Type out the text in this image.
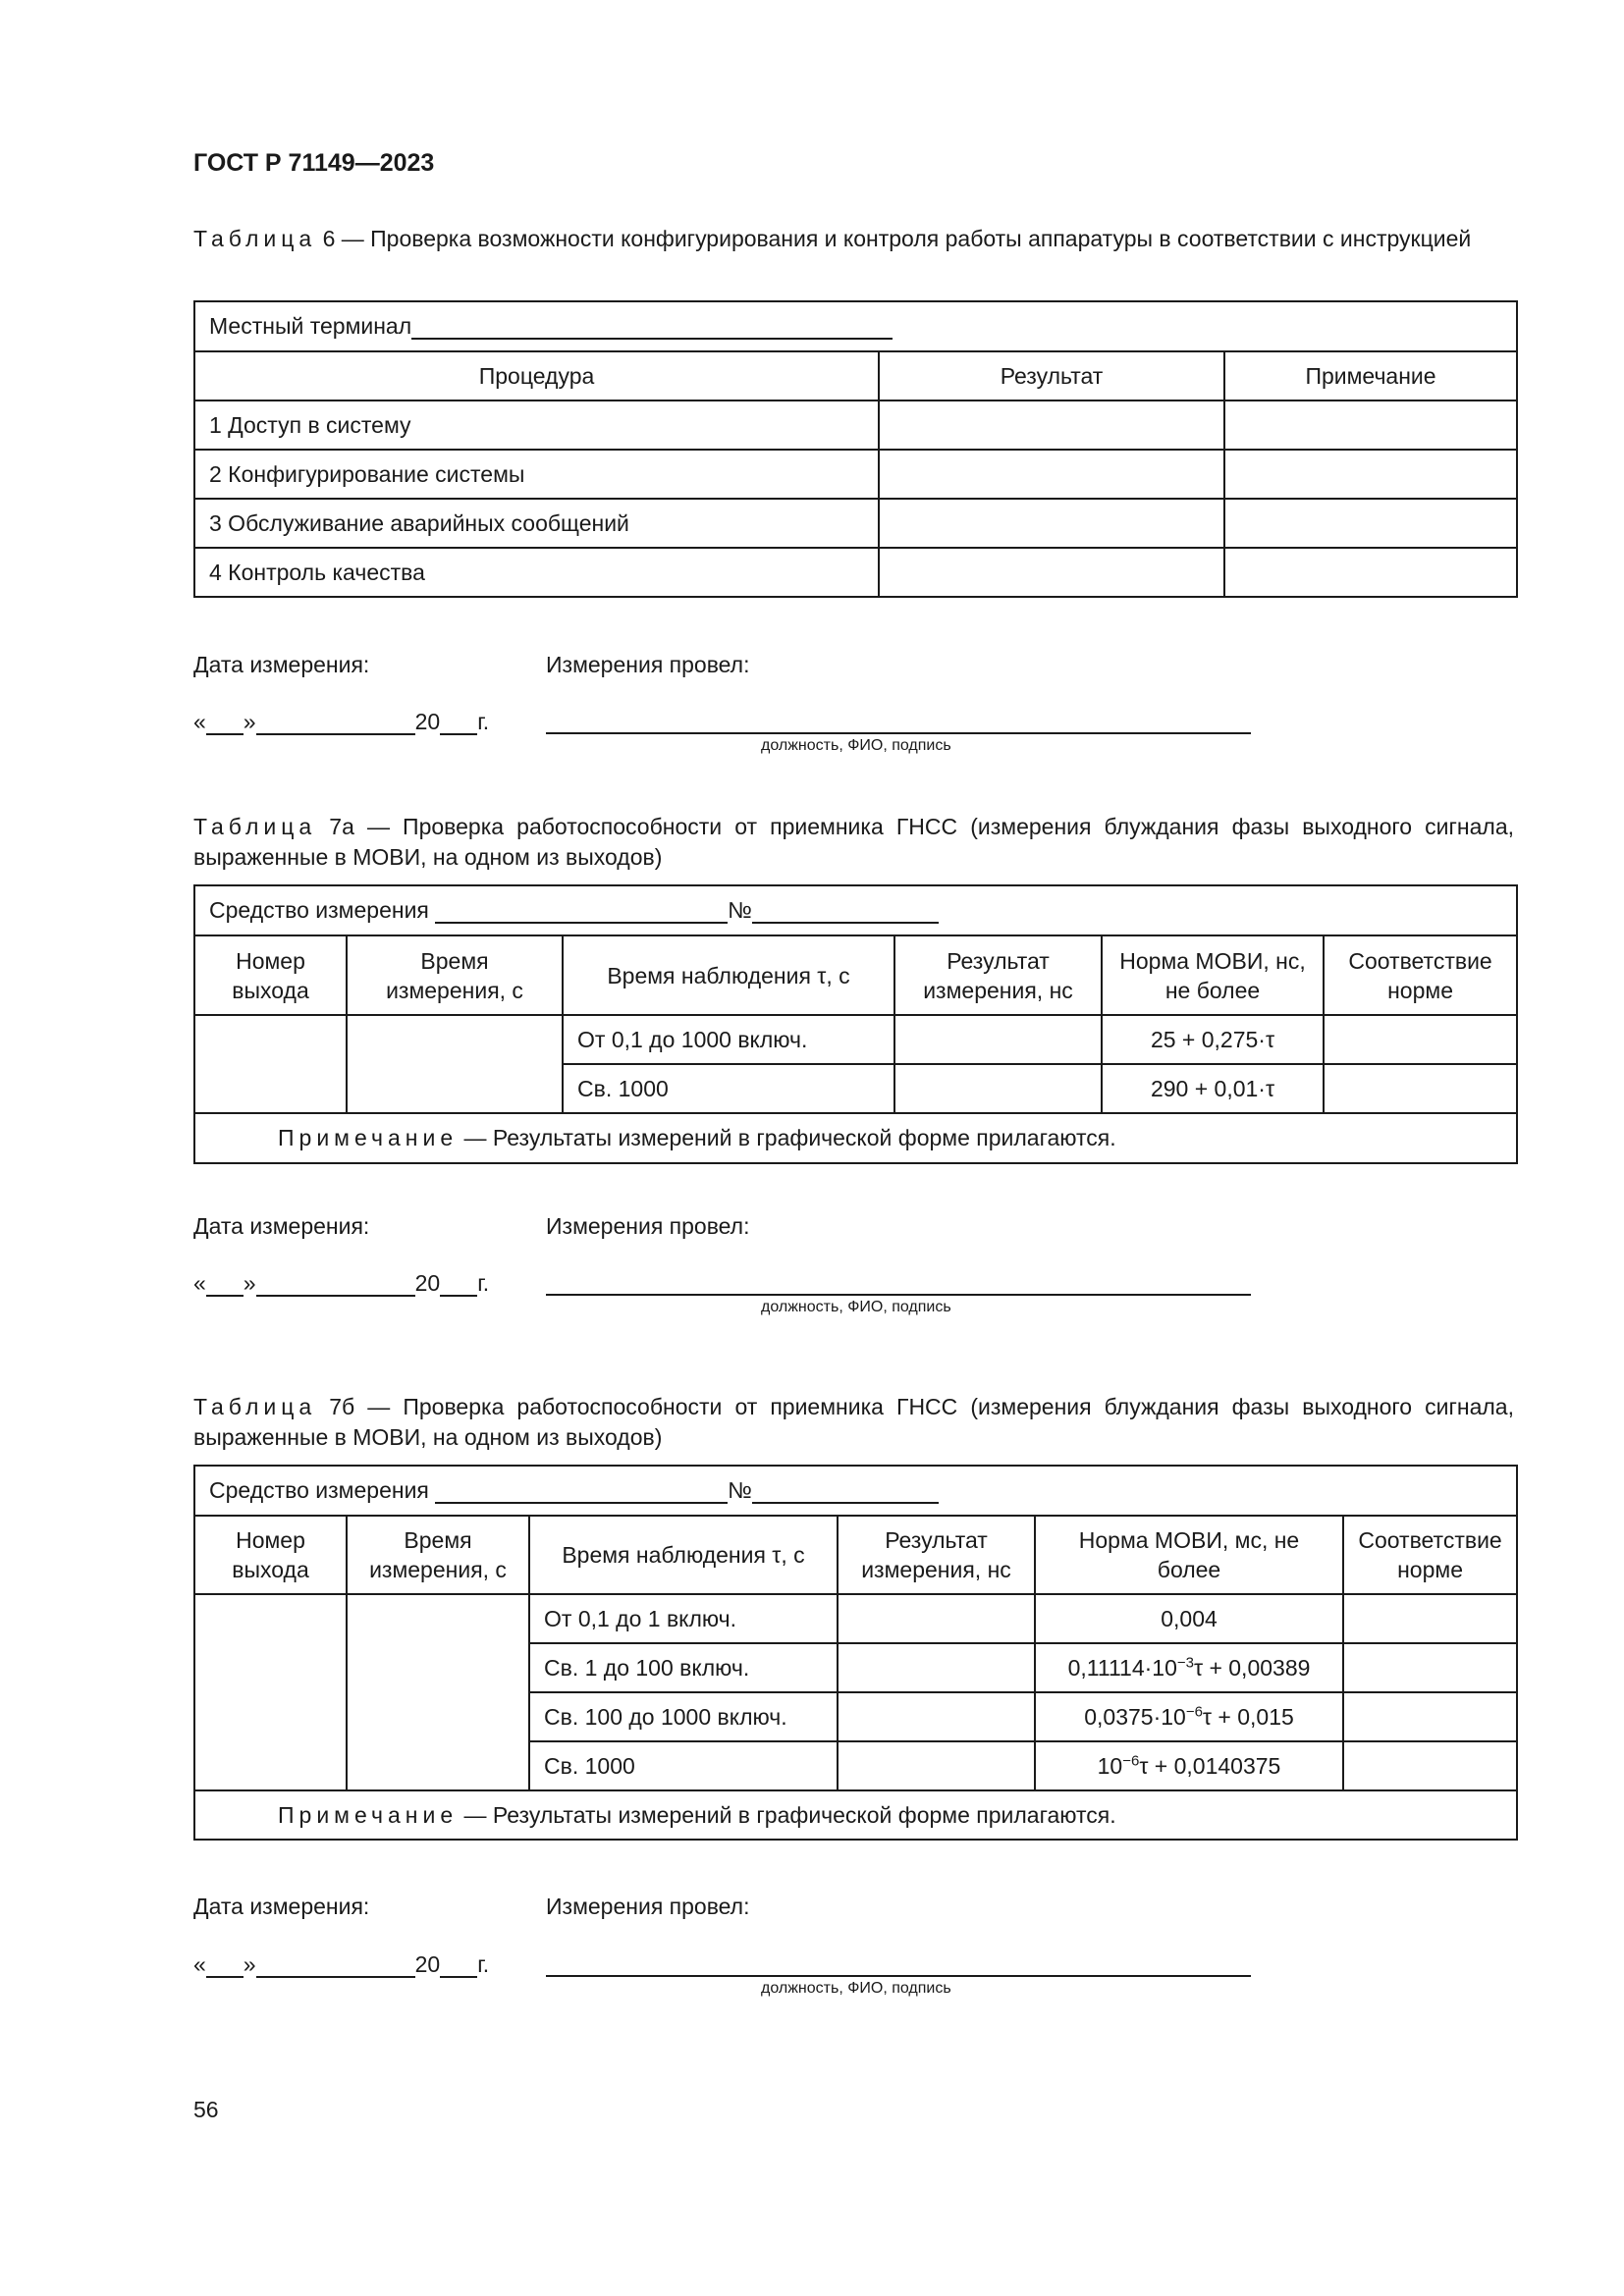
ГОСТ Р 71149—2023
Таблица 6 — Проверка возможности конфигурирования и контроля работы аппаратуры в соответствии с инструкцией
Местный терминал		
Процедура	Результат	Примечание
1 Доступ в систему		
2 Конфигурирование системы		
3 Обслуживание аварийных сообщений		
4 Контроль качества		
Дата измерения:	Измерения провел:
« »	20 г.
должность, ФИО, подпись
Таблица 7а — Проверка работоспособности от приемника ГНСС (измерения блуждания фазы выходного сигнала, выраженные в МОВИ, на одном из выходов)
Средство измерения №					
Номер выхода	Время измерения, с	Время наблюдения τ, с	Результат измерения, нс	Норма МОВИ, нс, не более	Соответствие норме
		От 0,1 до 1000 включ.		25 + 0,275·τ	
		Св. 1000		290 + 0,01·τ	
Примечание — Результаты измерений в графической форме прилагаются.					
Дата измерения:	Измерения провел:
« »	20 г.
должность, ФИО, подпись
Таблица 7б — Проверка работоспособности от приемника ГНСС (измерения блуждания фазы выходного сигнала, выраженные в МОВИ, на одном из выходов)
Средство измерения №					
Номер выхода	Время измерения, с	Время наблюдения τ, с	Результат измерения, нс	Норма МОВИ, мс, не более	Соответствие норме
		От 0,1 до 1 включ.		0,004	
		Св. 1 до 100 включ.		$0,11114\cdot 10^{-3}\tau + 0,00389$	
		Св. 100 до 1000 включ.		$0,0375\cdot 10^{-6}\tau + 0,015$	
		Св. 1000		$10^{-6}\tau + 0,0140375$	
Примечание — Результаты измерений в графической форме прилагаются.					
Дата измерения:	Измерения провел:
« »	20 г.
должность, ФИО, подпись
56
